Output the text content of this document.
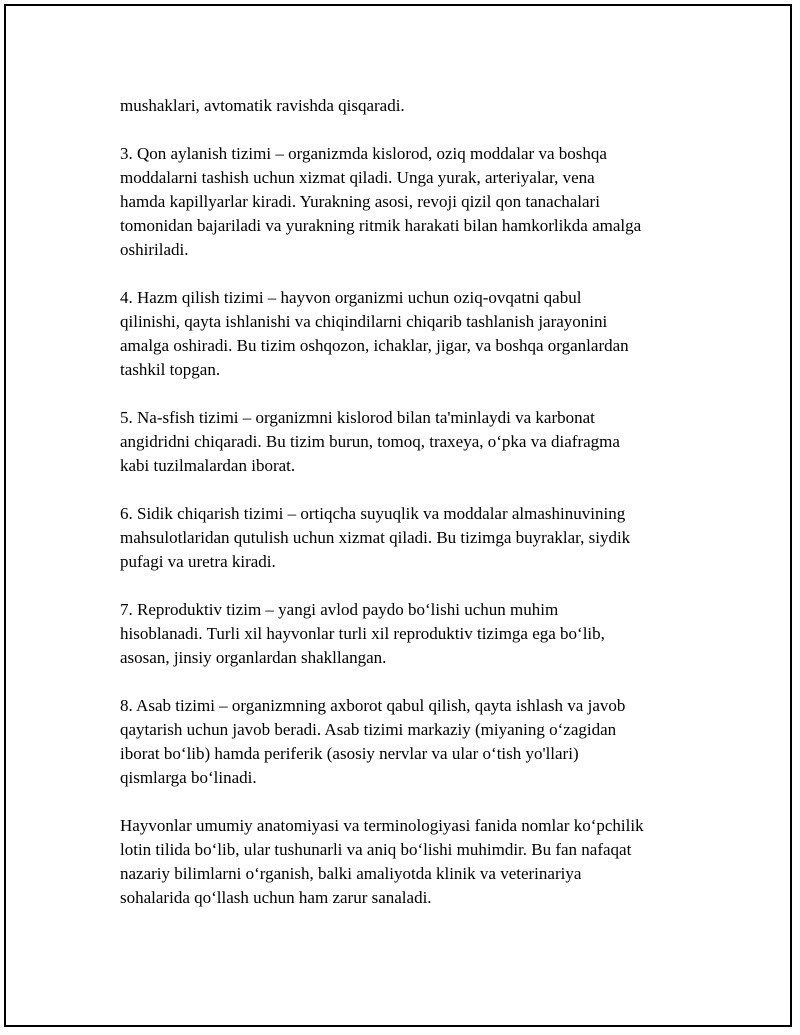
mushaklari, avtomatik ravishda qisqaradi.

3. Qon aylanish tizimi – organizmda kislorod, oziq moddalar va boshqa
moddalarni tashish uchun xizmat qiladi. Unga yurak, arteriyalar, vena
hamda kapillyarlar kiradi. Yurakning asosi, revoji qizil qon tanachalari
tomonidan bajariladi va yurakning ritmik harakati bilan hamkorlikda amalga
oshiriladi.

4. Hazm qilish tizimi – hayvon organizmi uchun oziq-ovqatni qabul
qilinishi, qayta ishlanishi va chiqindilarni chiqarib tashlanish jarayonini
amalga oshiradi. Bu tizim oshqozon, ichaklar, jigar, va boshqa organlardan
tashkil topgan.

5. Na-sfish tizimi – organizmni kislorod bilan ta'minlaydi va karbonat
angidridni chiqaradi. Bu tizim burun, tomoq, traxeya, oʻpka va diafragma
kabi tuzilmalardan iborat.

6. Sidik chiqarish tizimi – ortiqcha suyuqlik va moddalar almashinuvining
mahsulotlaridan qutulish uchun xizmat qiladi. Bu tizimga buyraklar, siydik
pufagi va uretra kiradi.

7. Reproduktiv tizim – yangi avlod paydo boʻlishi uchun muhim
hisoblanadi. Turli xil hayvonlar turli xil reproduktiv tizimga ega boʻlib,
asosan, jinsiy organlardan shakllangan.

8. Asab tizimi – organizmning axborot qabul qilish, qayta ishlash va javob
qaytarish uchun javob beradi. Asab tizimi markaziy (miyaning oʻzagidan
iborat boʻlib) hamda periferik (asosiy nervlar va ular oʻtish yo'llari)
qismlarga boʻlinadi.

Hayvonlar umumiy anatomiyasi va terminologiyasi fanida nomlar koʻpchilik
lotin tilida boʻlib, ular tushunarli va aniq boʻlishi muhimdir. Bu fan nafaqat
nazariy bilimlarni oʻrganish, balki amaliyotda klinik va veterinariya
sohalarida qoʻllash uchun ham zarur sanaladi.
